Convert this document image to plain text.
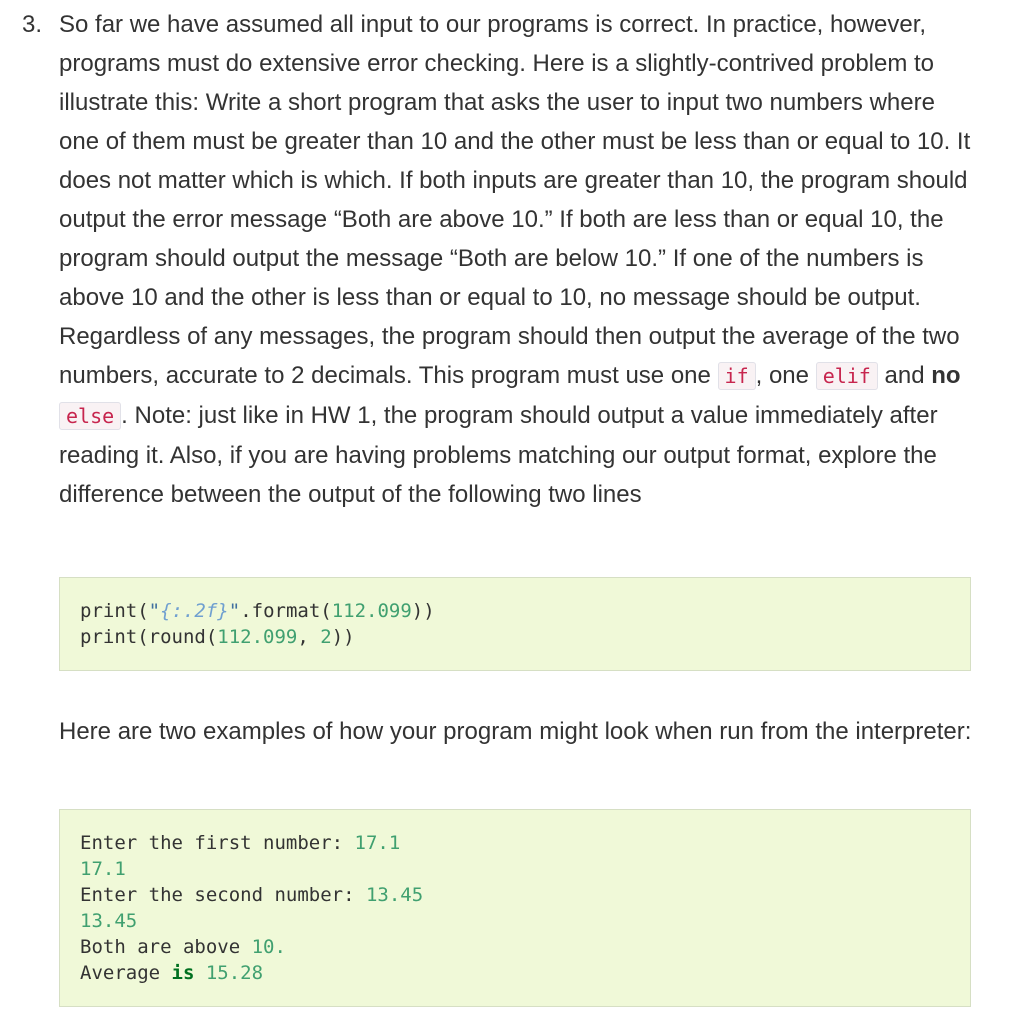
3. So far we have assumed all input to our programs is correct. In practice, however, programs must do extensive error checking. Here is a slightly-contrived problem to illustrate this: Write a short program that asks the user to input two numbers where one of them must be greater than 10 and the other must be less than or equal to 10. It does not matter which is which. If both inputs are greater than 10, the program should output the error message “Both are above 10.” If both are less than or equal 10, the program should output the message “Both are below 10.” If one of the numbers is above 10 and the other is less than or equal to 10, no message should be output. Regardless of any messages, the program should then output the average of the two numbers, accurate to 2 decimals. This program must use one if , one elif and no else . Note: just like in HW 1, the program should output a value immediately after reading it. Also, if you are having problems matching our output format, explore the difference between the output of the following two lines

print("{:.2f}".format(112.099))
print(round(112.099, 2))

Here are two examples of how your program might look when run from the interpreter:

Enter the first number: 17.1
17.1
Enter the second number: 13.45
13.45
Both are above 10.
Average is 15.28
